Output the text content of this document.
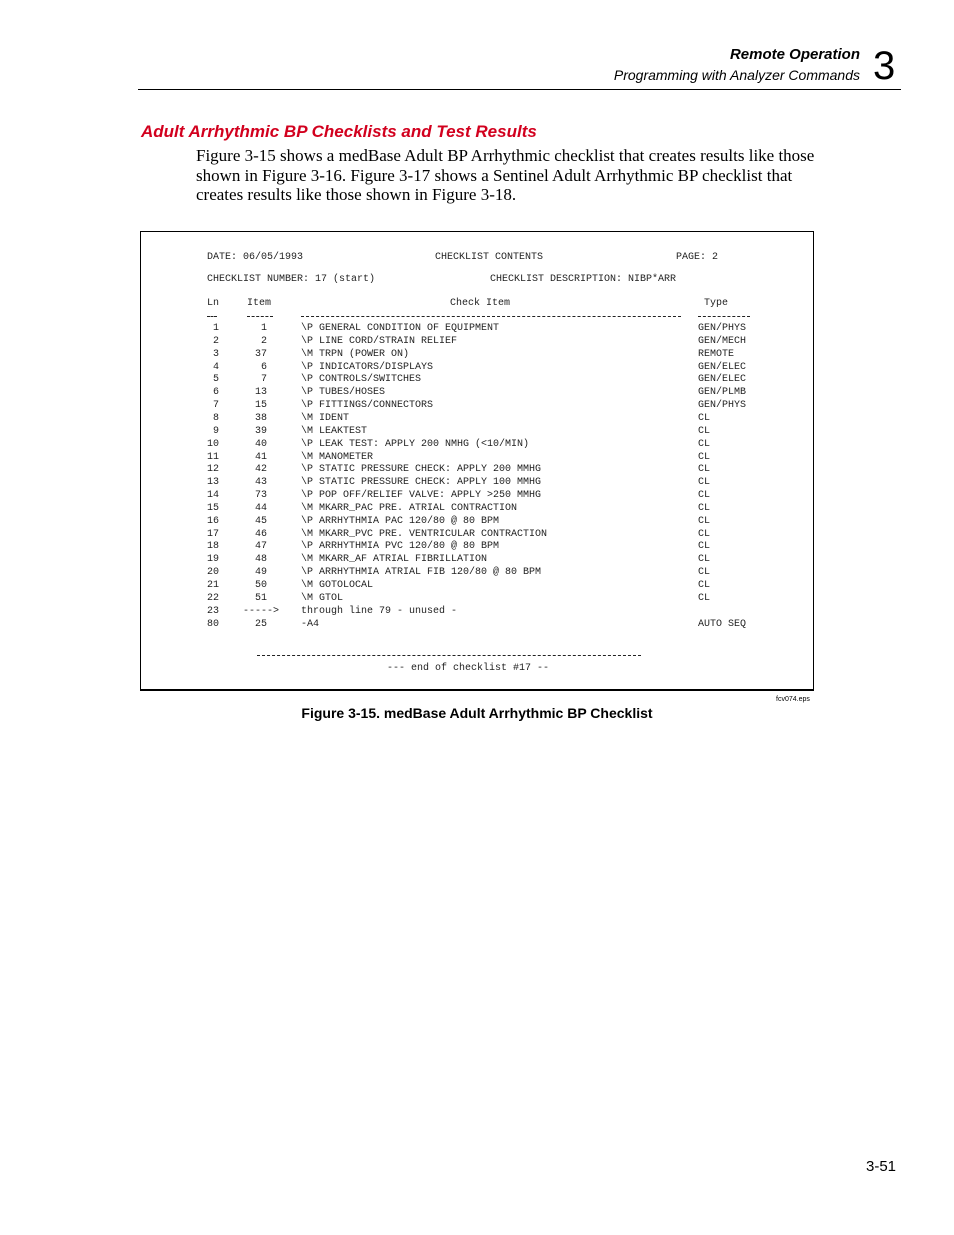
Remote Operation
Programming with Analyzer Commands 3
Adult Arrhythmic BP Checklists and Test Results
Figure 3-15 shows a medBase Adult BP Arrhythmic checklist that creates results like those shown in Figure 3-16. Figure 3-17 shows a Sentinel Adult Arrhythmic BP checklist that creates results like those shown in Figure 3-18.
DATE: 06/05/1993	CHECKLIST CONTENTS	PAGE: 2
CHECKLIST NUMBER: 17 (start)	CHECKLIST DESCRIPTION: NIBP*ARR
Ln	Item	Check Item	Type
1	1	\P GENERAL CONDITION OF EQUIPMENT	GEN/PHYS
2	2	\P LINE CORD/STRAIN RELIEF	GEN/MECH
3	37	\M TRPN (POWER ON)	REMOTE
4	6	\P INDICATORS/DISPLAYS	GEN/ELEC
5	7	\P CONTROLS/SWITCHES	GEN/ELEC
6	13	\P TUBES/HOSES	GEN/PLMB
7	15	\P FITTINGS/CONNECTORS	GEN/PHYS
8	38	\M IDENT	CL
9	39	\M LEAKTEST	CL
10	40	\P LEAK TEST: APPLY 200 NMHG (<10/MIN)	CL
11	41	\M MANOMETER	CL
12	42	\P STATIC PRESSURE CHECK: APPLY 200 MMHG	CL
13	43	\P STATIC PRESSURE CHECK: APPLY 100 MMHG	CL
14	73	\P POP OFF/RELIEF VALVE: APPLY >250 MMHG	CL
15	44	\M MKARR_PAC PRE. ATRIAL CONTRACTION	CL
16	45	\P ARRHYTHMIA PAC 120/80 @ 80 BPM	CL
17	46	\M MKARR_PVC PRE. VENTRICULAR CONTRACTION	CL
18	47	\P ARRHYTHMIA PVC 120/80 @ 80 BPM	CL
19	48	\M MKARR_AF ATRIAL FIBRILLATION	CL
20	49	\P ARRHYTHMIA ATRIAL FIB 120/80 @ 80 BPM	CL
21	50	\M GOTOLOCAL	CL
22	51	\M GTOL	CL
23 -----> through line 79 - unused -
80	25	-A4	AUTO SEQ
--- end of checklist #17 --
fcv074.eps
Figure 3-15. medBase Adult Arrhythmic BP Checklist
3-51
